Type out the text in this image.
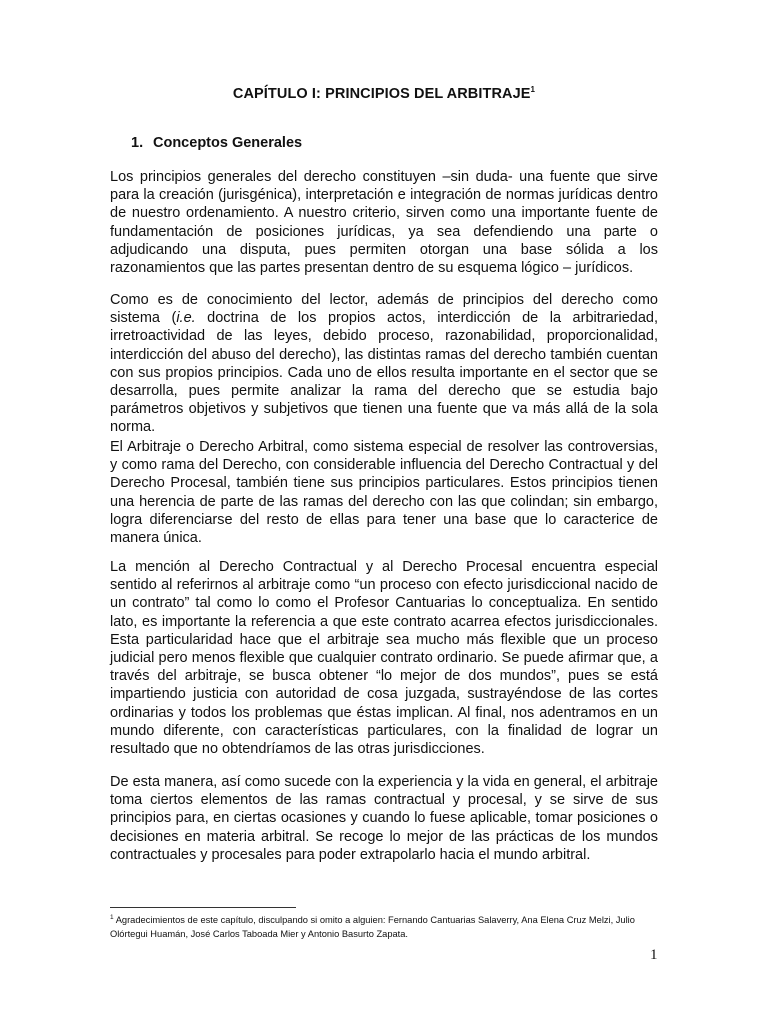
CAPÍTULO I: PRINCIPIOS DEL ARBITRAJE$^1$
1. Conceptos Generales

Los principios generales del derecho constituyen –sin duda- una fuente que sirve para la creación (jurisgénica), interpretación e integración de normas jurídicas dentro de nuestro ordenamiento. A nuestro criterio, sirven como una importante fuente de fundamentación de posiciones jurídicas, ya sea defendiendo una parte o adjudicando una disputa, pues permiten otorgan una base sólida a los razonamientos que las partes presentan dentro de su esquema lógico – jurídicos.

Como es de conocimiento del lector, además de principios del derecho como sistema (i.e. doctrina de los propios actos, interdicción de la arbitrariedad, irretroactividad de las leyes, debido proceso, razonabilidad, proporcionalidad, interdicción del abuso del derecho), las distintas ramas del derecho también cuentan con sus propios principios. Cada uno de ellos resulta importante en el sector que se desarrolla, pues permite analizar la rama del derecho que se estudia bajo parámetros objetivos y subjetivos que tienen una fuente que va más allá de la sola norma.

El Arbitraje o Derecho Arbitral, como sistema especial de resolver las controversias, y como rama del Derecho, con considerable influencia del Derecho Contractual y del Derecho Procesal, también tiene sus principios particulares. Estos principios tienen una herencia de parte de las ramas del derecho con las que colindan; sin embargo, logra diferenciarse del resto de ellas para tener una base que lo caracterice de manera única.

La mención al Derecho Contractual y al Derecho Procesal encuentra especial sentido al referirnos al arbitraje como “un proceso con efecto jurisdiccional nacido de un contrato” tal como lo como el Profesor Cantuarias lo conceptualiza. En sentido lato, es importante la referencia a que este contrato acarrea efectos jurisdiccionales. Esta particularidad hace que el arbitraje sea mucho más flexible que un proceso judicial pero menos flexible que cualquier contrato ordinario. Se puede afirmar que, a través del arbitraje, se busca obtener “lo mejor de dos mundos”, pues se está impartiendo justicia con autoridad de cosa juzgada, sustrayéndose de las cortes ordinarias y todos los problemas que éstas implican. Al final, nos adentramos en un mundo diferente, con características particulares, con la finalidad de lograr un resultado que no obtendríamos de las otras jurisdicciones.

De esta manera, así como sucede con la experiencia y la vida en general, el arbitraje toma ciertos elementos de las ramas contractual y procesal, y se sirve de sus principios para, en ciertas ocasiones y cuando lo fuese aplicable, tomar posiciones o decisiones en materia arbitral. Se recoge lo mejor de las prácticas de los mundos contractuales y procesales para poder extrapolarlo hacia el mundo arbitral.

$^1$ Agradecimientos de este capítulo, disculpando si omito a alguien: Fernando Cantuarias Salaverry, Ana Elena Cruz Melzi, Julio Olórtegui Huamán, José Carlos Taboada Mier y Antonio Basurto Zapata.

1
